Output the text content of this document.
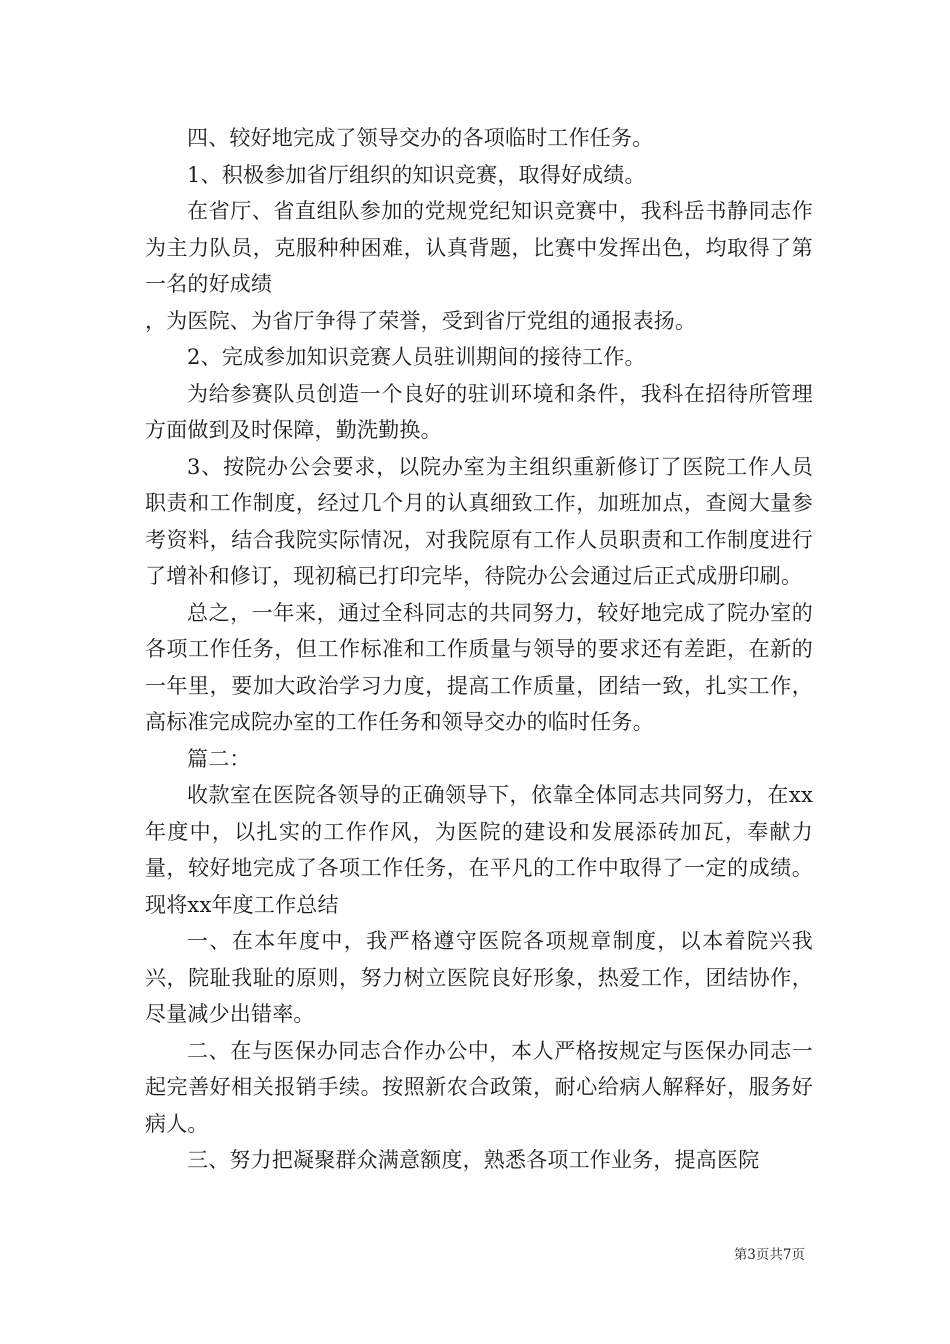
四、较好地完成了领导交办的各项临时工作任务。

1、积极参加省厅组织的知识竞赛，取得好成绩。

在省厅、省直组队参加的党规党纪知识竞赛中，我科岳书静同志作为主力队员，克服种种困难，认真背题，比赛中发挥出色，均取得了第一名的好成绩

，为医院、为省厅争得了荣誉，受到省厅党组的通报表扬。

2、完成参加知识竞赛人员驻训期间的接待工作。

为给参赛队员创造一个良好的驻训环境和条件，我科在招待所管理方面做到及时保障，勤洗勤换。

3、按院办公会要求，以院办室为主组织重新修订了医院工作人员职责和工作制度，经过几个月的认真细致工作，加班加点，查阅大量参考资料，结合我院实际情况，对我院原有工作人员职责和工作制度进行了增补和修订，现初稿已打印完毕，待院办公会通过后正式成册印刷。

总之，一年来，通过全科同志的共同努力，较好地完成了院办室的各项工作任务，但工作标准和工作质量与领导的要求还有差距，在新的一年里，要加大政治学习力度，提高工作质量，团结一致，扎实工作，高标准完成院办室的工作任务和领导交办的临时任务。

篇二：

收款室在医院各领导的正确领导下，依靠全体同志共同努力，在xx年度中，以扎实的工作作风，为医院的建设和发展添砖加瓦，奉献力量，较好地完成了各项工作任务，在平凡的工作中取得了一定的成绩。现将xx年度工作总结

一、在本年度中，我严格遵守医院各项规章制度，以本着院兴我兴，院耻我耻的原则，努力树立医院良好形象，热爱工作，团结协作，尽量减少出错率。

二、在与医保办同志合作办公中，本人严格按规定与医保办同志一起完善好相关报销手续。按照新农合政策，耐心给病人解释好，服务好病人。

三、努力把凝聚群众满意额度，熟悉各项工作业务，提高医院

第3页共7页
